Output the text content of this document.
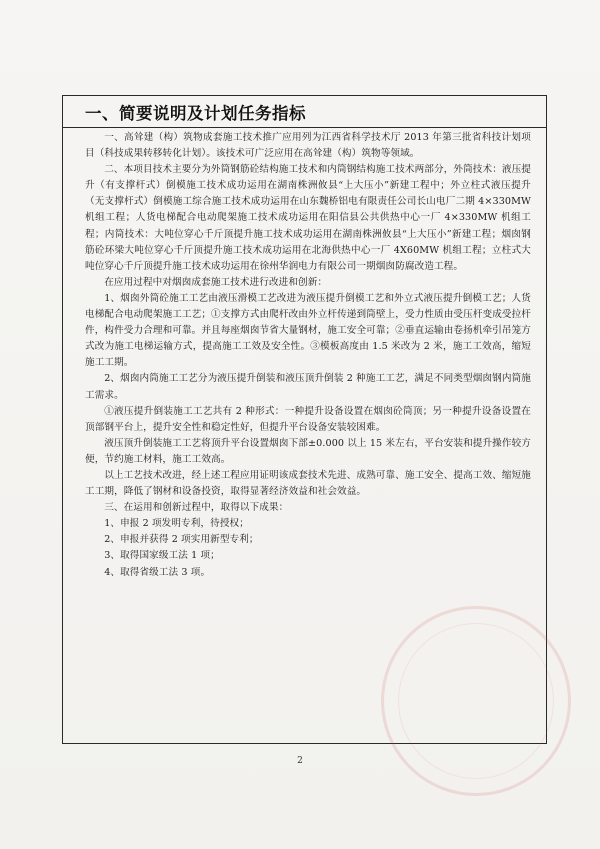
一、简要说明及计划任务指标

一、高耸建（构）筑物成套施工技术推广应用列为江西省科学技术厅 2013 年第三批省科技计划项目（科技成果转移转化计划）。该技术可广泛应用在高耸建（构）筑物等领域。

二、本项目技术主要分为外筒钢筋砼结构施工技术和内筒钢结构施工技术两部分，外筒技术：液压提升（有支撑杆式）倒模施工技术成功运用在湖南株洲攸县“上大压小”新建工程中；外立柱式液压提升（无支撑杆式）倒模施工综合施工技术成功运用在山东魏桥铝电有限责任公司长山电厂二期 4×330MW 机组工程；人货电梯配合电动爬架施工技术成功运用在阳信县公共供热中心一厂 4×330MW 机组工程；内筒技术：大吨位穿心千斤顶提升施工技术成功运用在湖南株洲攸县“上大压小”新建工程；烟囱钢筋砼环梁大吨位穿心千斤顶提升施工技术成功运用在北海供热中心一厂 4X60MW 机组工程；立柱式大吨位穿心千斤顶提升施工技术成功运用在徐州华润电力有限公司一期烟囱防腐改造工程。

在应用过程中对烟囱成套施工技术进行改进和创新：

1、烟囱外筒砼施工工艺由液压滑模工艺改进为液压提升倒模工艺和外立式液压提升倒模工艺；人货电梯配合电动爬架施工工艺；①支撑方式由爬杆改由外立杆传递到筒壁上，受力性质由受压杆变成受拉杆件，构件受力合理和可靠。并且每座烟囱节省大量钢材，施工安全可靠；②垂直运输由卷扬机牵引吊笼方式改为施工电梯运输方式，提高施工工效及安全性。③模板高度由 1.5 米改为 2 米，施工工效高，缩短施工工期。

2、烟囱内筒施工工艺分为液压提升倒装和液压顶升倒装 2 种施工工艺，满足不同类型烟囱钢内筒施工需求。

①液压提升倒装施工工艺共有 2 种形式：一种提升设备设置在烟囱砼筒顶；另一种提升设备设置在顶部钢平台上，提升安全性和稳定性好，但提升平台设备安装较困难。

液压顶升倒装施工工艺将顶升平台设置烟囱下部±0.000 以上 15 米左右，平台安装和提升操作较方便，节约施工材料，施工工效高。

以上工艺技术改进，经上述工程应用证明该成套技术先进、成熟可靠、施工安全、提高工效、缩短施工工期，降低了钢材和设备投资，取得显著经济效益和社会效益。

三、在运用和创新过程中，取得以下成果：

1、申报 2 项发明专利，待授权；

2、申报并获得 2 项实用新型专利；

3、取得国家级工法 1 项；

4、取得省级工法 3 项。

2
